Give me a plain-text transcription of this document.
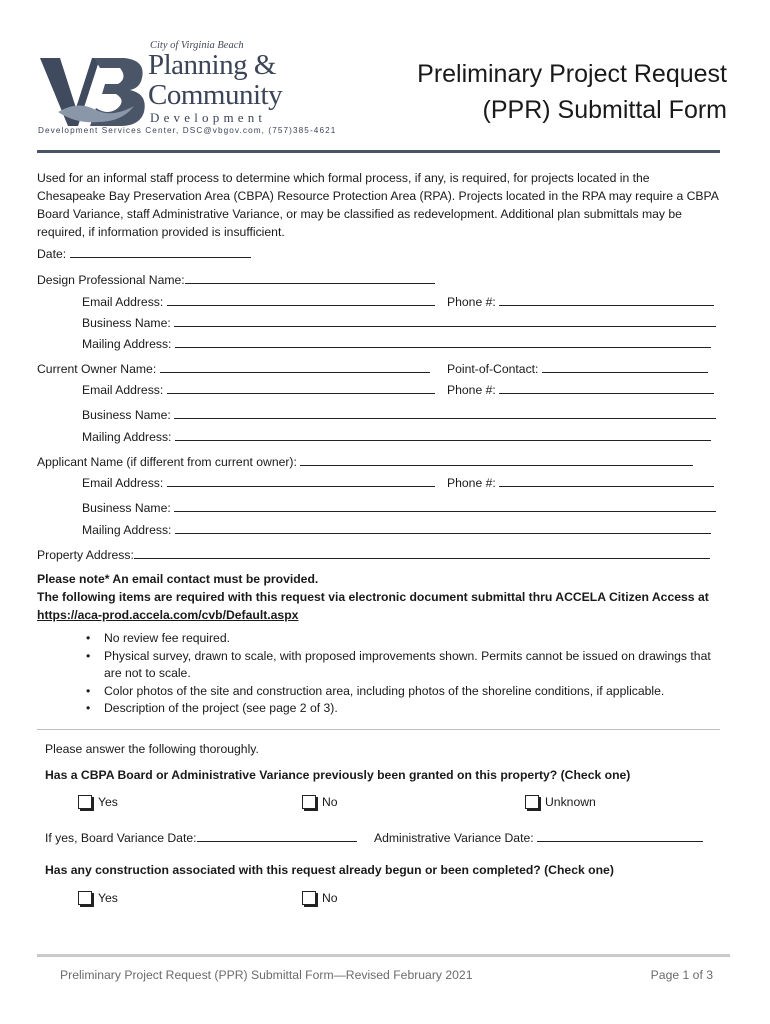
City of Virginia Beach
Planning &
Community
Development
Development Services Center, DSC@vbgov.com, (757)385-4621
Preliminary Project Request
(PPR) Submittal Form
Used for an informal staff process to determine which formal process, if any, is required, for projects located in the Chesapeake Bay Preservation Area (CBPA) Resource Protection Area (RPA). Projects located in the RPA may require a CBPA Board Variance, staff Administrative Variance, or may be classified as redevelopment. Additional plan submittals may be required, if information provided is insufficient.
Date:
Design Professional Name:
Email Address:	Phone #:
Business Name:
Mailing Address:
Current Owner Name:	Point-of-Contact:
Email Address:	Phone #:
Business Name:
Mailing Address:
Applicant Name (if different from current owner):
Email Address:	Phone #:
Business Name:
Mailing Address:
Property Address:
Please note* An email contact must be provided.
The following items are required with this request via electronic document submittal thru ACCELA Citizen Access at
https://aca-prod.accela.com/cvb/Default.aspx
• No review fee required.
• Physical survey, drawn to scale, with proposed improvements shown. Permits cannot be issued on drawings that are not to scale.
• Color photos of the site and construction area, including photos of the shoreline conditions, if applicable.
• Description of the project (see page 2 of 3).
Please answer the following thoroughly.
Has a CBPA Board or Administrative Variance previously been granted on this property? (Check one)
Yes	No	Unknown
If yes, Board Variance Date:	Administrative Variance Date:
Has any construction associated with this request already begun or been completed? (Check one)
Yes	No
Preliminary Project Request (PPR) Submittal Form—Revised February 2021	Page 1 of 3
